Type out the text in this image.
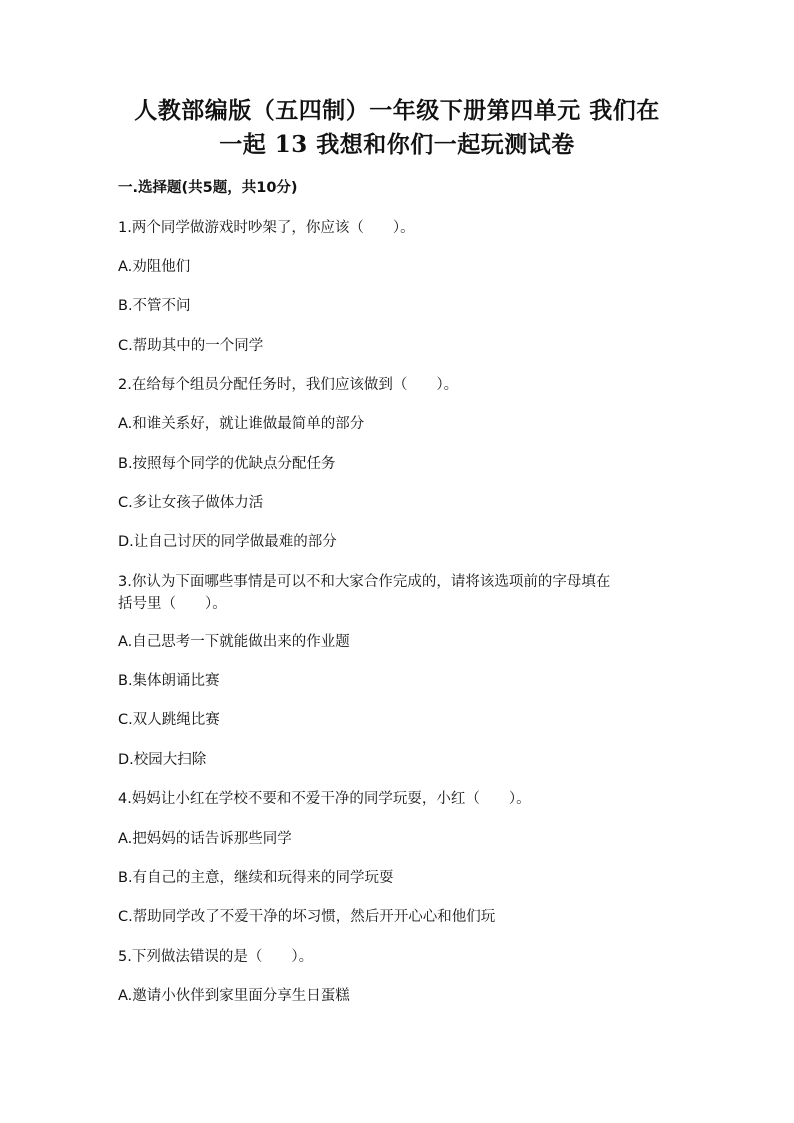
人教部编版（五四制）一年级下册第四单元 我们在
一起 13 我想和你们一起玩测试卷
一.选择题(共5题，共10分)
1.两个同学做游戏时吵架了，你应该（　　）。
A.劝阻他们
B.不管不问
C.帮助其中的一个同学
2.在给每个组员分配任务时，我们应该做到（　　）。
A.和谁关系好，就让谁做最简单的部分
B.按照每个同学的优缺点分配任务
C.多让女孩子做体力活
D.让自己讨厌的同学做最难的部分
3.你认为下面哪些事情是可以不和大家合作完成的，请将该选项前的字母填在
括号里（　　）。
A.自己思考一下就能做出来的作业题
B.集体朗诵比赛
C.双人跳绳比赛
D.校园大扫除
4.妈妈让小红在学校不要和不爱干净的同学玩耍，小红（　　）。
A.把妈妈的话告诉那些同学
B.有自己的主意，继续和玩得来的同学玩耍
C.帮助同学改了不爱干净的坏习惯，然后开开心心和他们玩
5.下列做法错误的是（　　）。
A.邀请小伙伴到家里面分享生日蛋糕
